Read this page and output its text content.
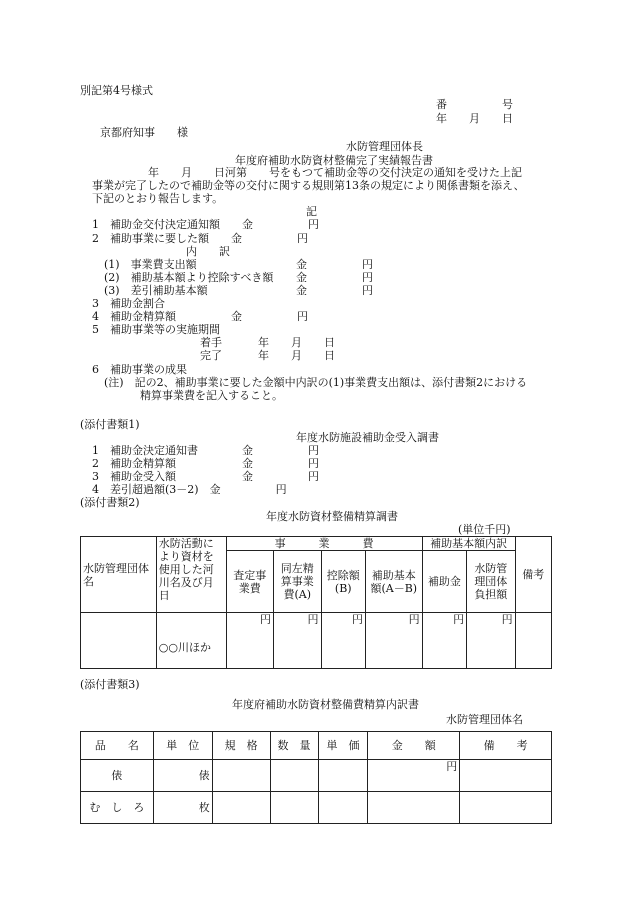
別記第4号様式
番　　　　　号
年　　月　　日
京都府知事　　様
水防管理団体長
年度府補助水防資材整備完了実績報告書
年　　月　　日河第　　号をもつて補助金等の交付決定の通知を受けた上記
事業が完了したので補助金等の交付に関する規則第13条の規定により関係書類を添え、
下記のとおり報告します。
記
1　補助金交付決定通知額　　金　　　　　円
2　補助事業に要した額　　金　　　　　円
内　　訳
(1)　事業費支出額	金　　　　　円
(2)　補助基本額より控除すべき額 金　　　　　円
(3)　差引補助基本額	金　　　　　円
3　補助金割合
4　補助金精算額　　　　　金　　　　　円
5　補助事業等の実施期間
着手	年　　月　　日
完了	年　　月　　日
6　補助事業の成果
(注)　記の2、補助事業に要した金額中内訳の(1)事業費支出額は、添付書類2における
精算事業費を記入すること。
(添付書類1)
年度水防施設補助金受入調書
1　補助金決定通知書　　　　金　　　　　円
2　補助金精算額　　　　　　金　　　　　円
3　補助金受入額　　　　　　金　　　　　円
4　差引超過額(3－2)　金　　　　　円
(添付書類2)
年度水防資材整備精算調書
(単位千円)
水防管理団体名	水防活動により資材を使用した河川名及び月日	事　　　業　　　費				補助基本額内訳		備考
		査定事業費	同左精算事業費(A)	控除額(B)	補助基本額(A－B)	補助金	水防管理団体負担額	
	○○川ほか	円	円	円	円	円	円	
(添付書類3)
年度府補助水防資材整備費精算内訳書
水防管理団体名
品　　名	単　位	規　格	数　量	単　価	金　　額	備　　考
俵	俵				円	
む　し　ろ	枚					
